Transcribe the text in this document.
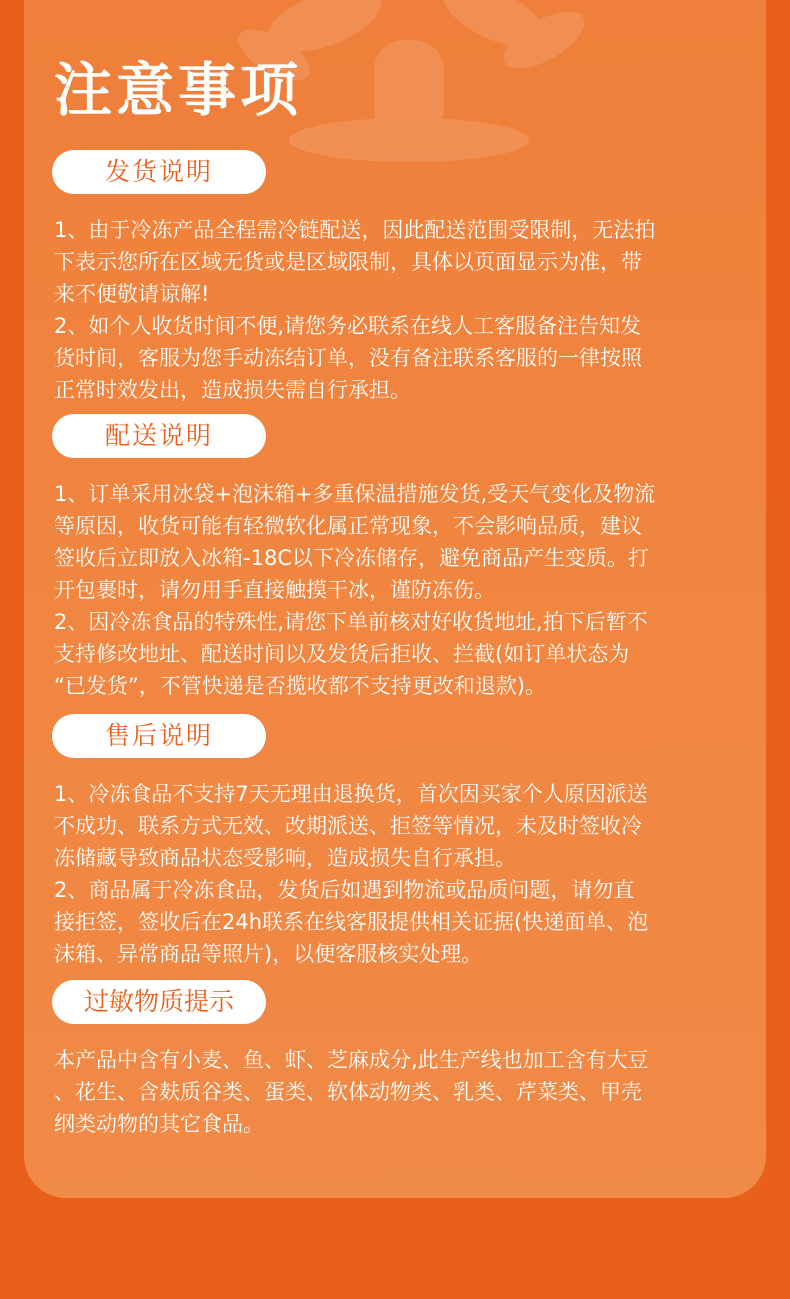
注意事项
发货说明

1、由于冷冻产品全程需冷链配送，因此配送范围受限制，无法拍

下表示您所在区域无货或是区域限制，具体以页面显示为准，带

来不便敬请谅解!

2、如个人收货时间不便,请您务必联系在线人工客服备注告知发

货时间，客服为您手动冻结订单，没有备注联系客服的一律按照

正常时效发出，造成损失需自行承担。

配送说明

1、订单采用冰袋+泡沫箱+多重保温措施发货,受天气变化及物流

等原因，收货可能有轻微软化属正常现象，不会影响品质，建议

签收后立即放入冰箱-18C以下冷冻储存，避免商品产生变质。打

开包裹时，请勿用手直接触摸干冰，谨防冻伤。

2、因冷冻食品的特殊性,请您下单前核对好收货地址,拍下后暂不

支持修改地址、配送时间以及发货后拒收、拦截(如订单状态为

“已发货”，不管快递是否揽收都不支持更改和退款)。

售后说明

1、冷冻食品不支持7天无理由退换货，首次因买家个人原因派送

不成功、联系方式无效、改期派送、拒签等情况，未及时签收冷

冻储藏导致商品状态受影响，造成损失自行承担。

2、商品属于冷冻食品，发货后如遇到物流或品质问题，请勿直

接拒签，签收后在24h联系在线客服提供相关证据(快递面单、泡

沫箱、异常商品等照片)，以便客服核实处理。

过敏物质提示

本产品中含有小麦、鱼、虾、芝麻成分,此生产线也加工含有大豆

、花生、含麸质谷类、蛋类、软体动物类、乳类、芹菜类、甲壳

纲类动物的其它食品。
